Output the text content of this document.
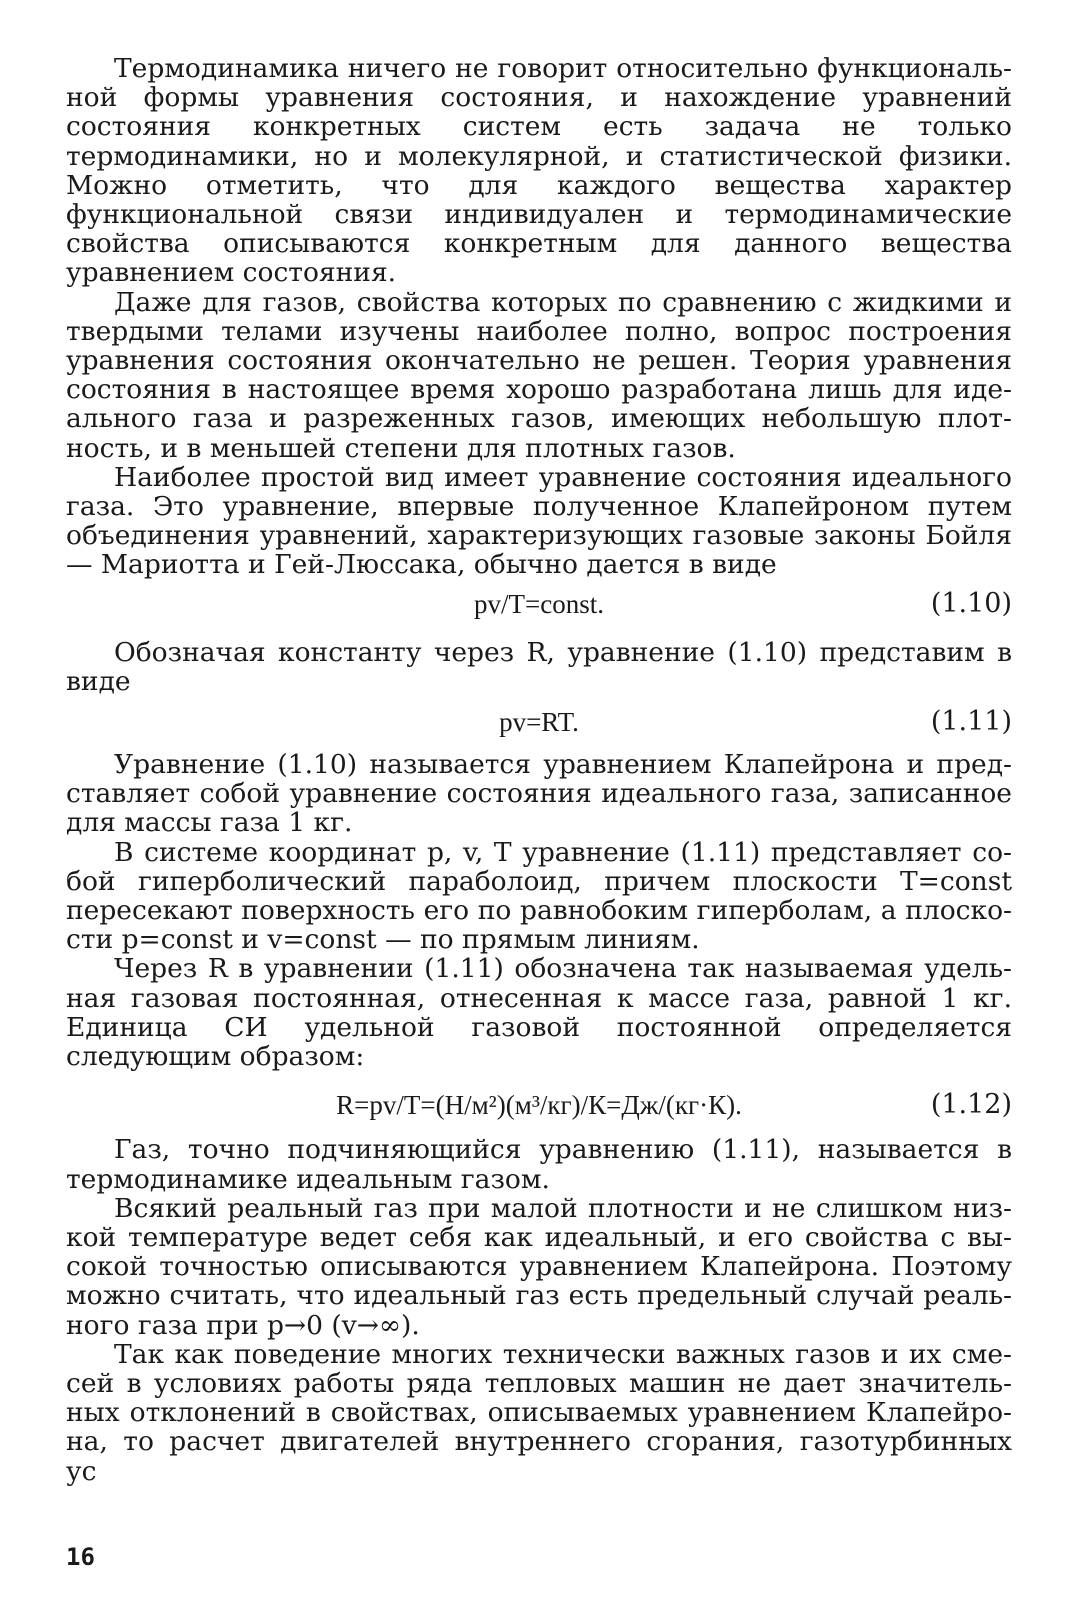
Термодинамика ничего не говорит относительно функциональной формы уравнения состояния, и нахождение уравнений состояния конкретных систем есть задача не только термодинамики, но и молекулярной, и статистической физики. Можно отметить, что для каждого вещества характер функциональной связи индивидуален и термодинамические свойства описываются конкретным для данного вещества уравнением состояния.

Даже для газов, свойства которых по сравнению с жидкими и твердыми телами изучены наиболее полно, вопрос построения уравнения состояния окончательно не решен. Теория уравнения состояния в настоящее время хорошо разработана лишь для идеального газа и разреженных газов, имеющих небольшую плотность, и в меньшей степени для плотных газов.

Наиболее простой вид имеет уравнение состояния идеального газа. Это уравнение, впервые полученное Клапейроном путем объединения уравнений, характеризующих газовые законы Бойля — Мариотта и Гей-Люссака, обычно дается в виде

pv/T=const.	(1.10)

Обозначая константу через R, уравнение (1.10) представим в виде

pv=RT.	(1.11)

Уравнение (1.10) называется уравнением Клапейрона и представляет собой уравнение состояния идеального газа, записанное для массы газа 1 кг.

В системе координат p, v, T уравнение (1.11) представляет собой гиперболический параболоид, причем плоскости T=const пересекают поверхность его по равнобоким гиперболам, а плоскости p=const и v=const — по прямым линиям.

Через R в уравнении (1.11) обозначена так называемая удельная газовая постоянная, отнесенная к массе газа, равной 1 кг. Единица СИ удельной газовой постоянной определяется следующим образом:

R=pv/T=(Н/м²)(м³/кг)/К=Дж/(кг·К).	(1.12)

Газ, точно подчиняющийся уравнению (1.11), называется в термодинамике идеальным газом.

Всякий реальный газ при малой плотности и не слишком низкой температуре ведет себя как идеальный, и его свойства с высокой точностью описываются уравнением Клапейрона. Поэтому можно считать, что идеальный газ есть предельный случай реального газа при p→0 (v→∞).

Так как поведение многих технически важных газов и их смесей в условиях работы ряда тепловых машин не дает значительных отклонений в свойствах, описываемых уравнением Клапейрона, то расчет двигателей внутреннего сгорания, газотурбинных ус

16
